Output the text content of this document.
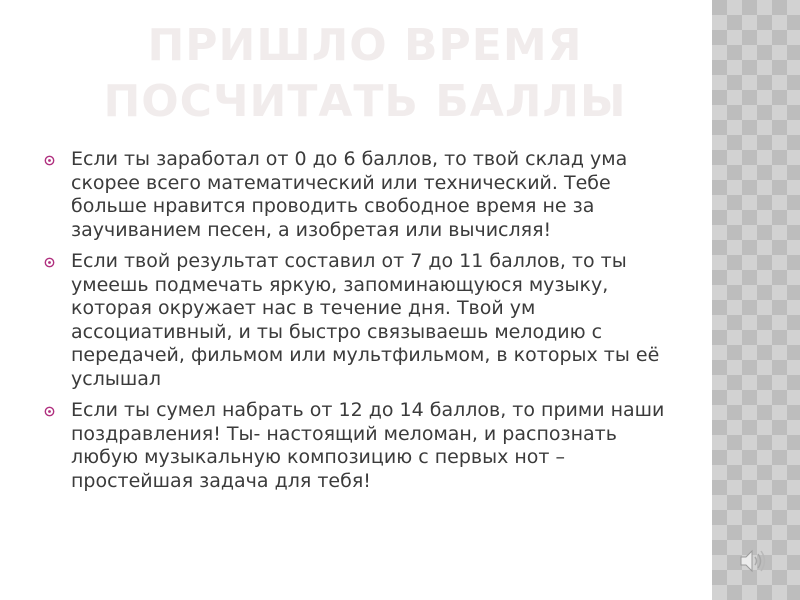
ПРИШЛО ВРЕМЯ ПОСЧИТАТЬ БАЛЛЫ
Если ты заработал от 0 до 6 баллов, то твой склад ума скорее всего математический или технический. Тебе больше нравится проводить свободное время не за заучиванием песен, а изобретая или вычисляя!
Если твой результат составил от 7 до 11 баллов, то ты умеешь подмечать яркую, запоминающуюся музыку, которая окружает нас в течение дня. Твой ум ассоциативный, и ты быстро связываешь мелодию с передачей, фильмом или мультфильмом, в которых ты её услышал
Если ты сумел набрать от 12 до 14 баллов, то прими наши поздравления! Ты- настоящий меломан, и распознать любую музыкальную композицию с первых нот – простейшая задача для тебя!
